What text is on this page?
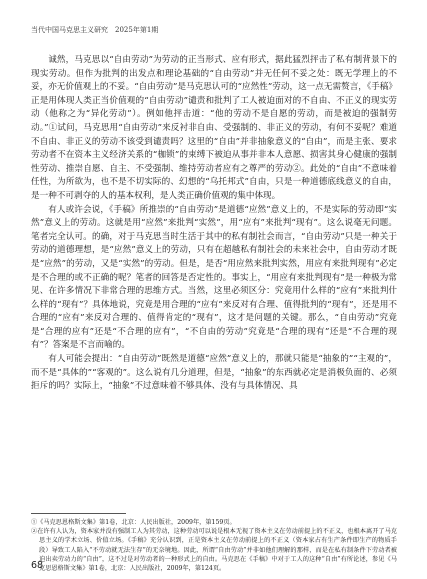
当代中国马克思主义研究　2025年第1期

诚然，马克思以“自由劳动”为劳动的正当形式、应有形式，据此猛烈抨击了私有制背景下的现实劳动。但作为批判的出发点和理论基础的“自由劳动”并无任何不妥之处：既无学理上的不妥，亦无价值观上的不妥。“自由劳动”是马克思认可的“应然性”劳动，这一点无需赘言，《手稿》正是用体现人类正当价值观的“自由劳动”谴责和批判了工人被迫面对的不自由、不正义的现实劳动（他称之为“异化劳动”）。例如他抨击道：“他的劳动不是自愿的劳动，而是被迫的强制劳动。”①试问，马克思用“自由劳动”来反衬非自由、受强制的、非正义的劳动，有何不妥呢？难道不自由、非正义的劳动不该受到谴责吗？这里的“自由”并非抽象意义的“自由”，而是主张、要求劳动者不在资本主义经济关系的“枷锁”的束缚下被迫从事并非本人意愿、损害其身心健康的强制性劳动、推崇自愿、自主、不受强制、维持劳动者应有之尊严的劳动②。此处的“自由”不意味着任性，为所欲为，也不是不切实际的、幻想的“乌托邦式”自由，只是一种道德底线意义的自由，是一种不可剥夺的人的基本权利，是人类正确价值观的集中体现。

有人或许会说，《手稿》所推崇的“自由劳动”是道德“应然”意义上的，不是实际的劳动即“实然”意义上的劳动。这就是用“应然”来批判“实然”，用“应有”来批判“现有”。这么说毫无问题。笔者完全认可。的确，对于马克思当时生活于其中的私有制社会而言，“自由劳动”只是一种关于劳动的道德理想，是“应然”意义上的劳动，只有在超越私有制社会的未来社会中，自由劳动才既是“应然”的劳动，又是“实然”的劳动。但是，是否“用应然来批判实然，用应有来批判现有”必定是不合理的或不正确的呢？笔者的回答是否定性的。事实上，“用应有来批判现有”是一种极为常见、在许多情况下非常合理的思维方式。当然，这里必须区分：究竟用什么样的“应有”来批判什么样的“现有”？具体地说，究竟是用合理的“应有”来反对有合理、值得批判的“现有”，还是用不合理的“应有”来反对合理的、值得肯定的“现有”，这才是问题的关键。那么，“自由劳动”究竟是“合理的应有”还是“不合理的应有”，“不自由的劳动”究竟是“合理的现有”还是“不合理的现有”？答案是不言而喻的。

有人可能会提出：“自由劳动”既然是道德“应然”意义上的，那就只能是“抽象的”“主观的”，而不是“具体的”“客观的”。这么说有几分道理，但是，“抽象”的东西就必定是消极负面的、必须拒斥的吗？实际上，“抽象”不过意味着不够具体、没有与具体情况、具

①《马克思恩格斯文集》第1卷，北京：人民出版社，2009年，第159页。

②在许有人认为，资本家并没有强制工人为其劳动，这种劳动可以说是根本无视了资本主义在劳动前提上的不正义，也根本离开了马克思主义的学术立场、价值立场。《手稿》充分认识到，正是资本主义在劳动前提上的不正义（资本家占有生产条件即生产的物质手段）导致工人陷入“不劳动就无法生存”的无奈境地。因此，所谓“自由劳动”并非如他们理解的那样，而是在私有制条件下劳动者被迫出卖劳动力的“自由”，这不过是对劳动者的一种形式上的自由。马克思在《手稿》中对于工人的这种“自由”有所论述，参见《马克思恩格斯文集》第1卷，北京：人民出版社，2009年，第124页。

68
